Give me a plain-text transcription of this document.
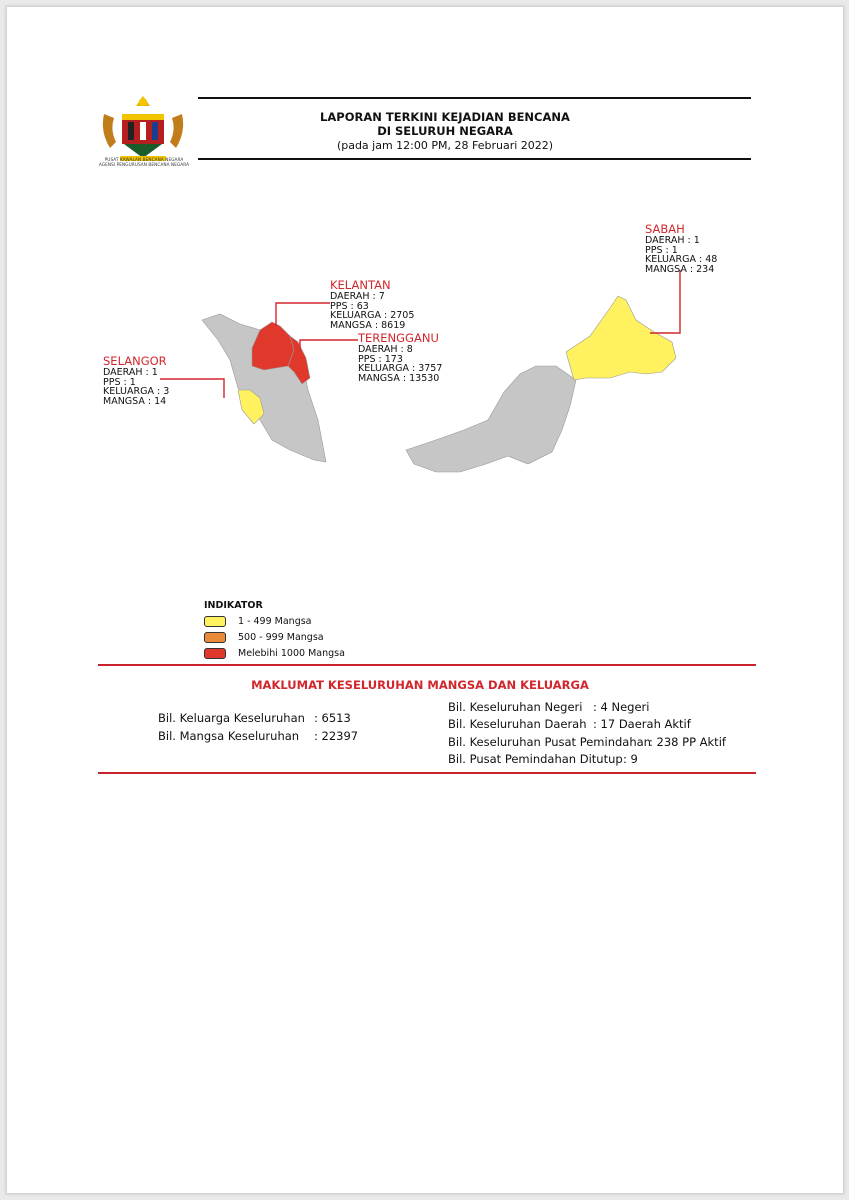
PUSAT KAWALAN BENCANA NEGARA
AGENSI PENGURUSAN BENCANA NEGARA
LAPORAN TERKINI KEJADIAN BENCANA
DI SELURUH NEGARA
(pada jam 12:00 PM, 28 Februari 2022)
KELANTAN
DAERAH : 7
PPS : 63
KELUARGA : 2705
MANGSA : 8619
TERENGGANU
DAERAH : 8
PPS : 173
KELUARGA : 3757
MANGSA : 13530
SELANGOR
DAERAH : 1
PPS : 1
KELUARGA : 3
MANGSA : 14
SABAH
DAERAH : 1
PPS : 1
KELUARGA : 48
MANGSA : 234
INDIKATOR
1 - 499 Mangsa
500 - 999 Mangsa
Melebihi 1000 Mangsa
MAKLUMAT KESELURUHAN MANGSA DAN KELUARGA
Bil. Keluarga Keseluruhan : 6513
Bil. Mangsa Keseluruhan : 22397
Bil. Keseluruhan Negeri : 4 Negeri
Bil. Keseluruhan Daerah : 17 Daerah Aktif
Bil. Keseluruhan Pusat Pemindahan
: 238 PP Aktif
Bil. Pusat Pemindahan Ditutup : 9
